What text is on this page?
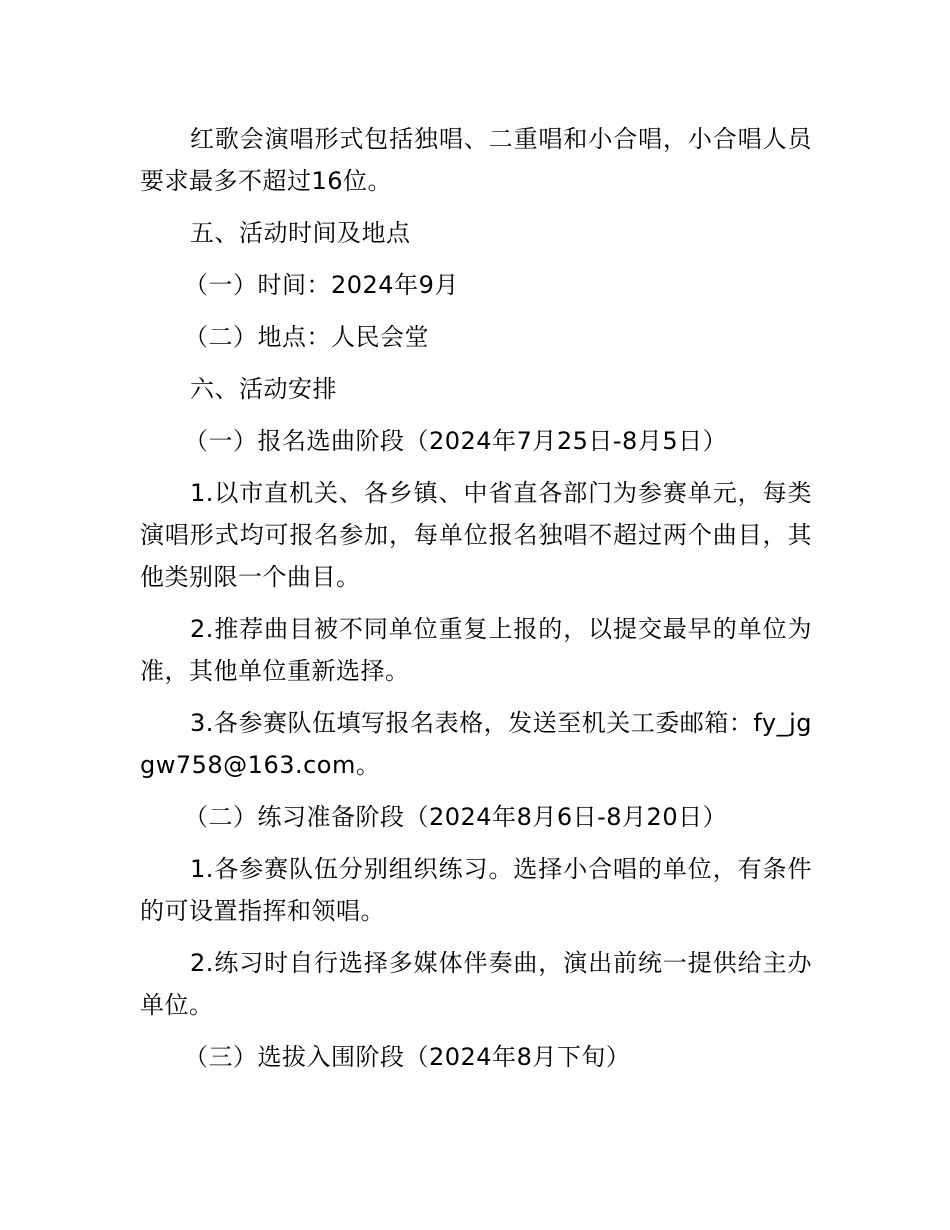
红歌会演唱形式包括独唱、二重唱和小合唱，小合唱人员要求最多不超过16位。

五、活动时间及地点

（一）时间：2024年9月

（二）地点：人民会堂

六、活动安排

（一）报名选曲阶段（2024年7月25日-8月5日）

1.以市直机关、各乡镇、中省直各部门为参赛单元，每类演唱形式均可报名参加，每单位报名独唱不超过两个曲目，其他类别限一个曲目。

2.推荐曲目被不同单位重复上报的，以提交最早的单位为准，其他单位重新选择。

3.各参赛队伍填写报名表格，发送至机关工委邮箱：fy_jggw758@163.com。

（二）练习准备阶段（2024年8月6日-8月20日）

1.各参赛队伍分别组织练习。选择小合唱的单位，有条件的可设置指挥和领唱。

2.练习时自行选择多媒体伴奏曲，演出前统一提供给主办单位。

（三）选拔入围阶段（2024年8月下旬）
